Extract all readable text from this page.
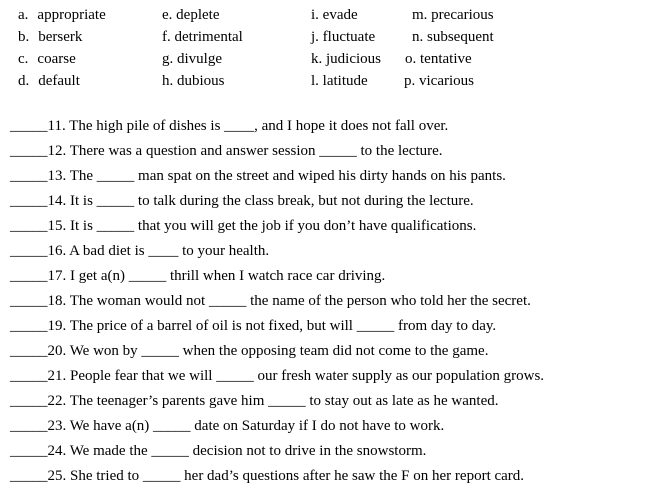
a. appropriate	e. deplete	i. evade	m. precarious
b. berserk	f. detrimental	j. fluctuate n. subsequent
c. coarse	g. divulge	k. judicious o. tentative
d. default	h. dubious	l. latitude p. vicarious
_____11. The high pile of dishes is ____, and I hope it does not fall over.
_____12. There was a question and answer session _____ to the lecture.
_____13. The _____ man spat on the street and wiped his dirty hands on his pants.
_____14. It is _____ to talk during the class break, but not during the lecture.
_____15. It is _____ that you will get the job if you don’t have qualifications.
_____16. A bad diet is ____ to your health.
_____17. I get a(n) _____ thrill when I watch race car driving.
_____18. The woman would not _____ the name of the person who told her the secret.
_____19. The price of a barrel of oil is not fixed, but will _____ from day to day.
_____20. We won by _____ when the opposing team did not come to the game.
_____21. People fear that we will _____ our fresh water supply as our population grows.
_____22. The teenager’s parents gave him _____ to stay out as late as he wanted.
_____23. We have a(n) _____ date on Saturday if I do not have to work.
_____24. We made the _____ decision not to drive in the snowstorm.
_____25. She tried to _____ her dad’s questions after he saw the F on her report card.
